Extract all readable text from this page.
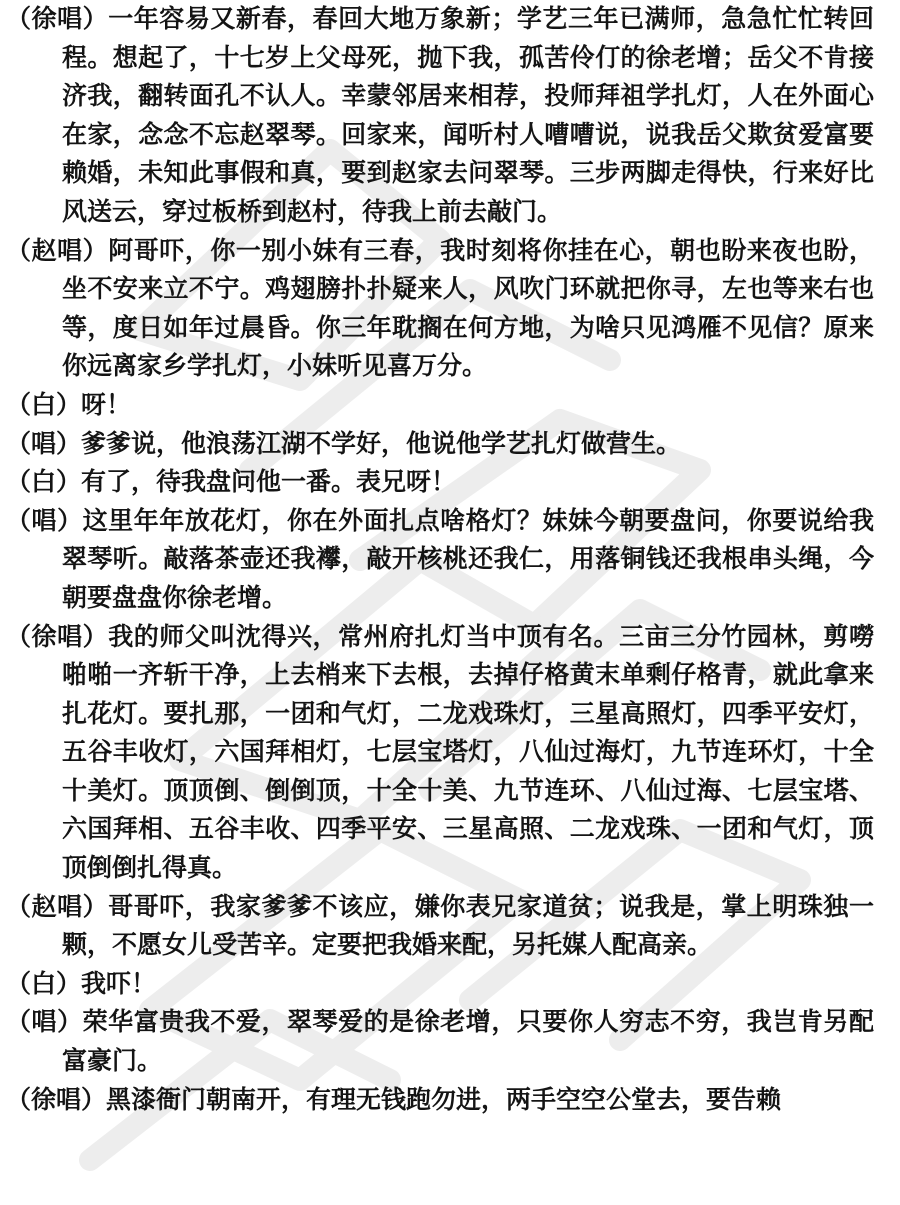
（徐唱）一年容易又新春，春回大地万象新；学艺三年已满师，急急忙忙转回程。想起了，十七岁上父母死，抛下我，孤苦伶仃的徐老增；岳父不肯接济我，翻转面孔不认人。幸蒙邻居来相荐，投师拜祖学扎灯，人在外面心在家，念念不忘赵翠琴。回家来，闻听村人嘈嘈说，说我岳父欺贫爱富要赖婚，未知此事假和真，要到赵家去问翠琴。三步两脚走得快，行来好比风送云，穿过板桥到赵村，待我上前去敲门。

（赵唱）阿哥吓，你一别小妹有三春，我时刻将你挂在心，朝也盼来夜也盼，坐不安来立不宁。鸡翅膀扑扑疑来人，风吹门环就把你寻，左也等来右也等，度日如年过晨昏。你三年耽搁在何方地，为啥只见鸿雁不见信？原来你远离家乡学扎灯，小妹听见喜万分。

（白）呀！

（唱）爹爹说，他浪荡江湖不学好，他说他学艺扎灯做营生。

（白）有了，待我盘问他一番。表兄呀！

（唱）这里年年放花灯，你在外面扎点啥格灯？妹妹今朝要盘问，你要说给我翠琴听。敲落茶壶还我襻，敲开核桃还我仁，用落铜钱还我根串头绳，今朝要盘盘你徐老增。

（徐唱）我的师父叫沈得兴，常州府扎灯当中顶有名。三亩三分竹园林，剪嘮啪啪一齐斩干净，上去梢来下去根，去掉仔格黄末单剩仔格青，就此拿来扎花灯。要扎那，一团和气灯，二龙戏珠灯，三星高照灯，四季平安灯，五谷丰收灯，六国拜相灯，七层宝塔灯，八仙过海灯，九节连环灯，十全十美灯。顶顶倒、倒倒顶，十全十美、九节连环、八仙过海、七层宝塔、六国拜相、五谷丰收、四季平安、三星高照、二龙戏珠、一团和气灯，顶顶倒倒扎得真。

（赵唱）哥哥吓，我家爹爹不该应，嫌你表兄家道贫；说我是，掌上明珠独一颗，不愿女儿受苦辛。定要把我婚来配，另托媒人配高亲。

（白）我吓！

（唱）荣华富贵我不爱，翠琴爱的是徐老增，只要你人穷志不穷，我岂肯另配富豪门。

（徐唱）黑漆衙门朝南开，有理无钱跑勿进，两手空空公堂去，要告赖
